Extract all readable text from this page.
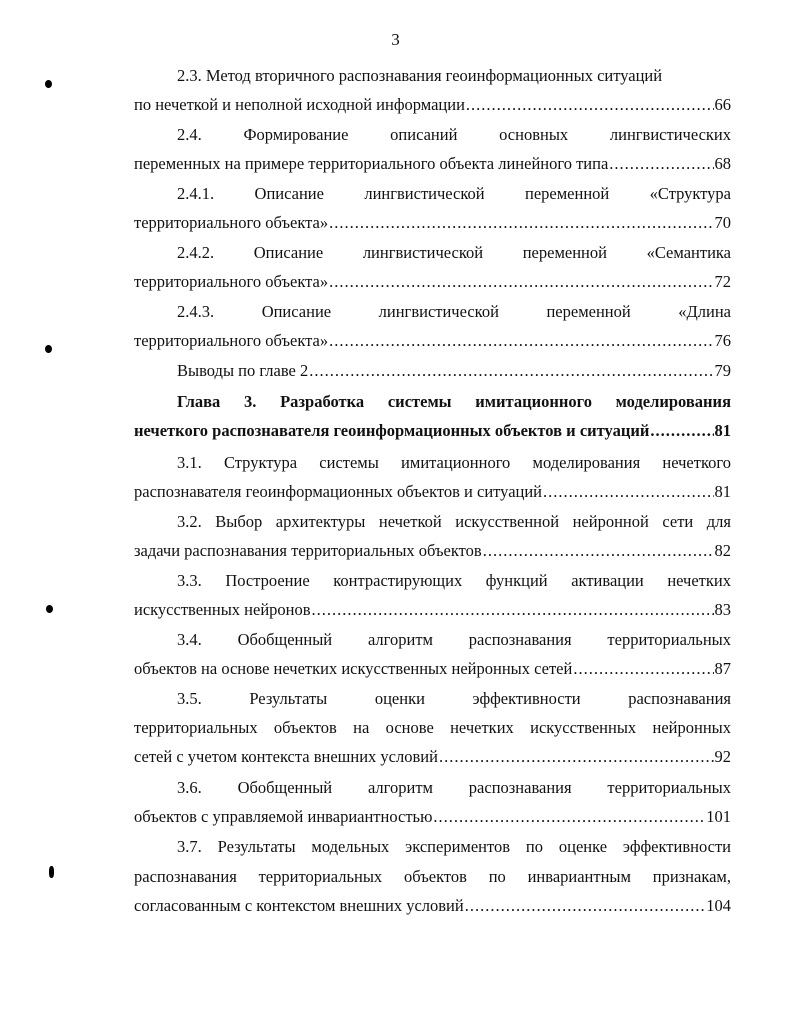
3
2.3. Метод вторичного распознавания геоинформационных ситуаций
по нечеткой и неполной исходной информации .....	66
2.4. Формирование описаний основных лингвистических
переменных на примере территориального объекта линейного типа .....	68
2.4.1. Описание лингвистической переменной «Структура
территориального объекта» .....	70
2.4.2. Описание лингвистической переменной «Семантика
территориального объекта» .....	72
2.4.3. Описание лингвистической переменной «Длина
территориального объекта» .....	76
Выводы по главе 2 .....	79
Глава 3. Разработка системы имитационного моделирования
нечеткого распознавателя геоинформационных объектов и ситуаций .....	81
3.1. Структура системы имитационного моделирования нечеткого
распознавателя геоинформационных объектов и ситуаций .....	81
3.2. Выбор архитектуры нечеткой искусственной нейронной сети для
задачи распознавания территориальных объектов .....	82
3.3. Построение контрастирующих функций активации нечетких
искусственных нейронов .....	83
3.4. Обобщенный алгоритм распознавания территориальных
объектов на основе нечетких искусственных нейронных сетей .....	87
3.5. Результаты оценки эффективности распознавания
территориальных объектов на основе нечетких искусственных нейронных
сетей с учетом контекста внешних условий .....	92
3.6. Обобщенный алгоритм распознавания территориальных
объектов с управляемой инвариантностью .....	101
3.7. Результаты модельных экспериментов по оценке эффективности
распознавания территориальных объектов по инвариантным признакам,
согласованным с контекстом внешних условий .....	104
